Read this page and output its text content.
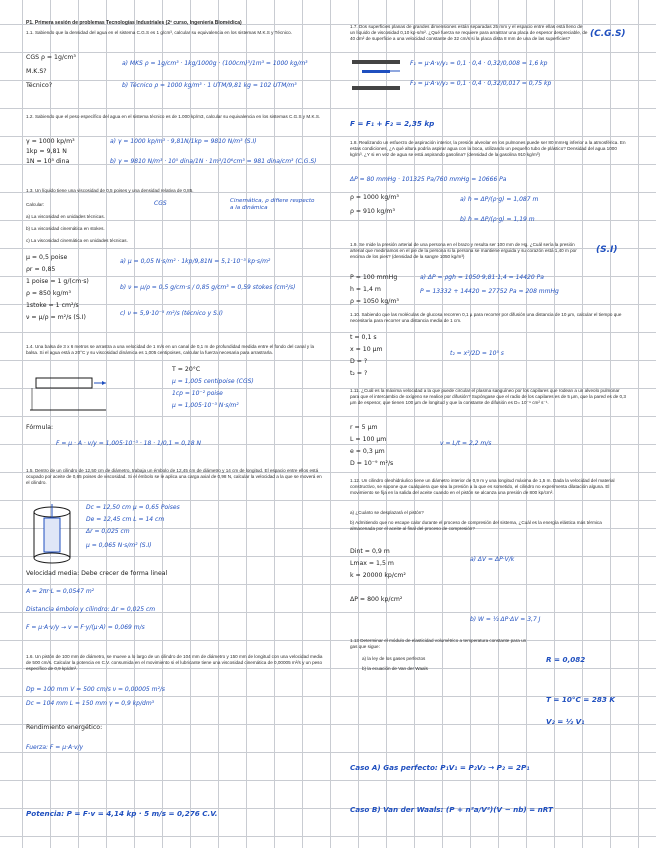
P1. Primera sesión de problemas Tecnologías Industriales (2º curso, Ingeniería Biomédica)

1.1. Sabiendo que la densidad del agua en el sistema C.G.S es 1 g/cm³, calcular su equivalencia en los sistemas M.K.S y Técnico.

CGS ρ = 1g/cm³
M.K.S?
Técnico?
a) MKS ρ = 1g/cm³ · 1kg/1000g · (100cm)³/1m³ = 1000 kg/m³
b) Técnico ρ = 1000 kg/m³ · 1 UTM/9,81 kg = 102 UTM/m³

1.2. Sabiendo que el peso específico del agua en el sistema técnico es de 1.000 kp/m3, calcular su equivalencia en los sistemas C.G.S y M.K.S.

γ = 1000 kp/m³
1kp = 9,81 N
1N = 10⁵ dina
a) γ = 1000 kp/m³ · 9,81N/1kp = 9810 N/m³ (S.I)
b) γ = 9810 N/m³ · 10⁵ dina/1N · 1m³/10⁶cm³ = 981 dina/cm³ (C.G.S)

1.3. Un líquido tiene una viscosidad de 0,5 poises y una densidad relativa de 0,85.

Calcular:

a) La viscosidad en unidades técnicas.

b) La viscosidad cinemática en stokes.

c) La viscosidad cinemática en unidades técnicas.

CGS	Cinemática, ρ difiere respecto a la dinámica
μ = 0,5 poise
ρr = 0,85
1 poise = 1 g/(cm·s)
ρ = 850 kg/m³
1stoke = 1 cm²/s
ν = μ/ρ = m²/s (S.I)
a) μ = 0,05 N·s/m² · 1kp/9,81N = 5,1·10⁻³ kp·s/m²
b) ν = μ/ρ = 0,5 g/cm·s / 0,85 g/cm³ = 0,59 stokes (cm²/s)
c) ν = 5,9·10⁻⁵ m²/s (técnico y S.I)

1.4. Una balsa de 3 x 6 metros se arrastra a una velocidad de 1 m/s en un canal de 0,1 m de profundidad medida entre el fondo del canal y la balsa. Si el agua está a 20°C y su viscosidad dinámica es 1,005 centipoises, calcular la fuerza necesaria para arrastrarla.

T = 20°C
μ = 1,005 centipoise (CGS)
1cp = 10⁻² poise
μ = 1,005·10⁻³ N·s/m²
Fórmula:
F = μ · A · v/y = 1,005·10⁻³ · 18 · 1/0,1 = 0,18 N

1.5. Dentro de un cilindro de 12,50 cm de diámetro, trabaja un émbolo de 12,45 cm de diámetro y 14 cm de longitud. El espacio entre ellos está ocupado por aceite de 0,65 poises de viscosidad. Si el émbolo se le aplica una carga axial de 0,98 N, calcular la velocidad a la que se moverá en el cilindro.

Dc = 12,50 cm μ = 0,65 Poises
De = 12,45 cm L = 14 cm
Δr = 0,025 cm
μ = 0,065 N·s/m² (S.I)
Velocidad media: Debe crecer de forma lineal
A = 2πr·L = 0,0547 m²
Distancia émbolo y cilindro: Δr = 0,025 cm
F = μ·A·v/y → v = F·y/(μ·A) = 0,069 m/s

1.6. Un pistón de 100 mm de diámetro, se mueve a lo largo de un cilindro de 104 mm de diámetro y 150 mm de longitud con una velocidad media de 500 cm/s. Calcular la potencia en C.V. consumida en el movimiento si el lubricante tiene una viscosidad cinemática de 0,00005 m²/s y un peso específico de 0,9 kp/dm³.

Dp = 100 mm V = 500 cm/s ν = 0,00005 m²/s
Dc = 104 mm L = 150 mm γ = 0,9 kp/dm³
Rendimiento energético:
Fuerza: F = μ·A·v/y
Potencia: P = F·v = 4,14 kp · 5 m/s = 0,276 C.V.

1.7. Dos superficies planas de grandes dimensiones están separadas 25 mm y el espacio entre ellas está lleno de un líquido de viscosidad 0,10 kp·s/m². ¿Qué fuerza se requiere para arrastrar una placa de espesor despreciable, de 40 dm² de superficie a una velocidad constante de 32 cm/s si la placa dista 8 mm de una de las superficies?	(C.G.S)
F₁ = μ·A·v/y₁ = 0,1 · 0,4 · 0,32/0,008 = 1,6 kp
F₂ = μ·A·v/y₂ = 0,1 · 0,4 · 0,32/0,017 = 0,75 kp
F = F₁ + F₂ = 2,35 kp

1.8. Realizando un esfuerzo de aspiración interior, la presión alveolar en los pulmones puede ser 80 mmHg inferior a la atmosférica. En estas condiciones, ¿A qué altura podría aspirar agua con la boca, utilizando un pequeño tubo de plástico? Densidad del agua 1000 kg/m³. ¿Y si en vez de agua se está aspirando gasolina? (densidad de la gasolina 910 kg/m³)

ΔP = 80 mmHg · 101325 Pa/760 mmHg = 10666 Pa
ρ = 1000 kg/m³
ρ = 910 kg/m³
a) h = ΔP/(ρ·g) = 1,087 m
b) h = ΔP/(ρ·g) = 1,19 m

1.9. Se mide la presión arterial de una persona en el brazo y resulta ser 100 mm de Hg. ¿Cuál sería la presión arterial que mediríamos en el pie de la persona si la persona se mantiene erguida y su corazón está 1,40 m por encima de los pies? (densidad de la sangre 1050 kg/m³)

(S.I)
P = 100 mmHg
h = 1,4 m
ρ = 1050 kg/m³
a) ΔP = ρgh = 1050·9,81·1,4 = 14420 Pa
P = 13332 + 14420 = 27752 Pa ≈ 208 mmHg

1.10. Sabiendo que las moléculas de glucosa recorren 0,1 µ para recorrer por difusión una distancia de 10 µm, calcular el tiempo que necesitaría para recorrer una distancia media de 1 cm.

t = 0,1 s
x = 10 μm
D = ?
t₂ = ?
t₂ = x²/2D = 10⁵ s

1.11. ¿Cuál es la máxima velocidad a la que puede circular el plasma sanguíneo por los capilares que rodean a un alveolo pulmonar para que el intercambio de oxígeno se realice por difusión? Supóngase que el radio de los capilares es de 5 µm, que la pared es de 0,3 µm de espesor, que tienen 100 µm de longitud y que la constante de difusión es D= 10⁻⁹ cm² s⁻¹.

r = 5 μm
L = 100 μm
e = 0,3 μm
D = 10⁻⁹ m²/s
v = L/t = 2,2 m/s

1.12. Un cilindro oleohidráulico tiene un diámetro interior de 0,9 m y una longitud máxima de 1,5 m. Dada la velocidad del material constructivo, se supone que cualquiera que sea la presión a la que es sometido, el cilindro no experimenta dilatación alguna. El movimiento se fija en la salida del aceite cuando en el pistón se alcanza una presión de 800 kp/cm².

a) ¿Cuánto se desplazará el pistón?

b) Admitiendo que no escape calor durante el proceso de compresión del sistema, ¿Cuál es la energía elástica más térmica almacenada por el aceite al final del proceso de compresión?

Dint = 0,9 m
Lmax = 1,5 m
k = 20000 kp/cm²
ΔP = 800 kp/cm²
a) ΔV = ΔP·V/k
b) W = ½ ΔP·ΔV = 3,7 J

1.13 Determinar el módulo de elasticidad volumétrico a temperatura constante para un gas que sigue:

a) la ley de los gases perfectos

b) la ecuación de Van der Waals

R = 0,082
T = 10°C = 283 K
V₂ = ½ V₁
Caso A) Gas perfecto: P₁V₁ = P₂V₂ → P₂ = 2P₁
Caso B) Van der Waals: (P + n²a/V²)(V − nb) = nRT
